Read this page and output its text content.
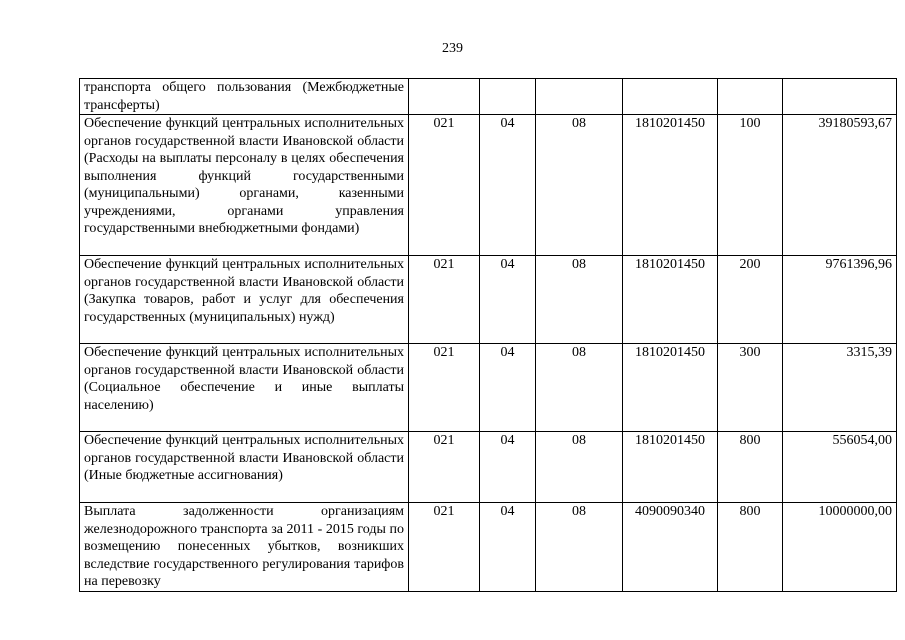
239
транспорта общего пользования (Межбюджетные трансферты)						
Обеспечение функций центральных исполнительных органов государственной власти Ивановской области (Расходы на выплаты персоналу в целях обеспечения выполнения функций государственными (муниципальными) органами, казенными учреждениями, органами управления государственными внебюджетными фондами)	021	04	08	1810201450	100	39180593,67
Обеспечение функций центральных исполнительных органов государственной власти Ивановской области (Закупка товаров, работ и услуг для обеспечения государственных (муниципальных) нужд)	021	04	08	1810201450	200	9761396,96
Обеспечение функций центральных исполнительных органов государственной власти Ивановской области (Социальное обеспечение и иные выплаты населению)	021	04	08	1810201450	300	3315,39
Обеспечение функций центральных исполнительных органов государственной власти Ивановской области (Иные бюджетные ассигнования)	021	04	08	1810201450	800	556054,00
Выплата задолженности организациям железнодорожного транспорта за 2011 - 2015 годы по возмещению понесенных убытков, возникших вследствие государственного регулирования тарифов на перевозку	021	04	08	4090090340	800	10000000,00
